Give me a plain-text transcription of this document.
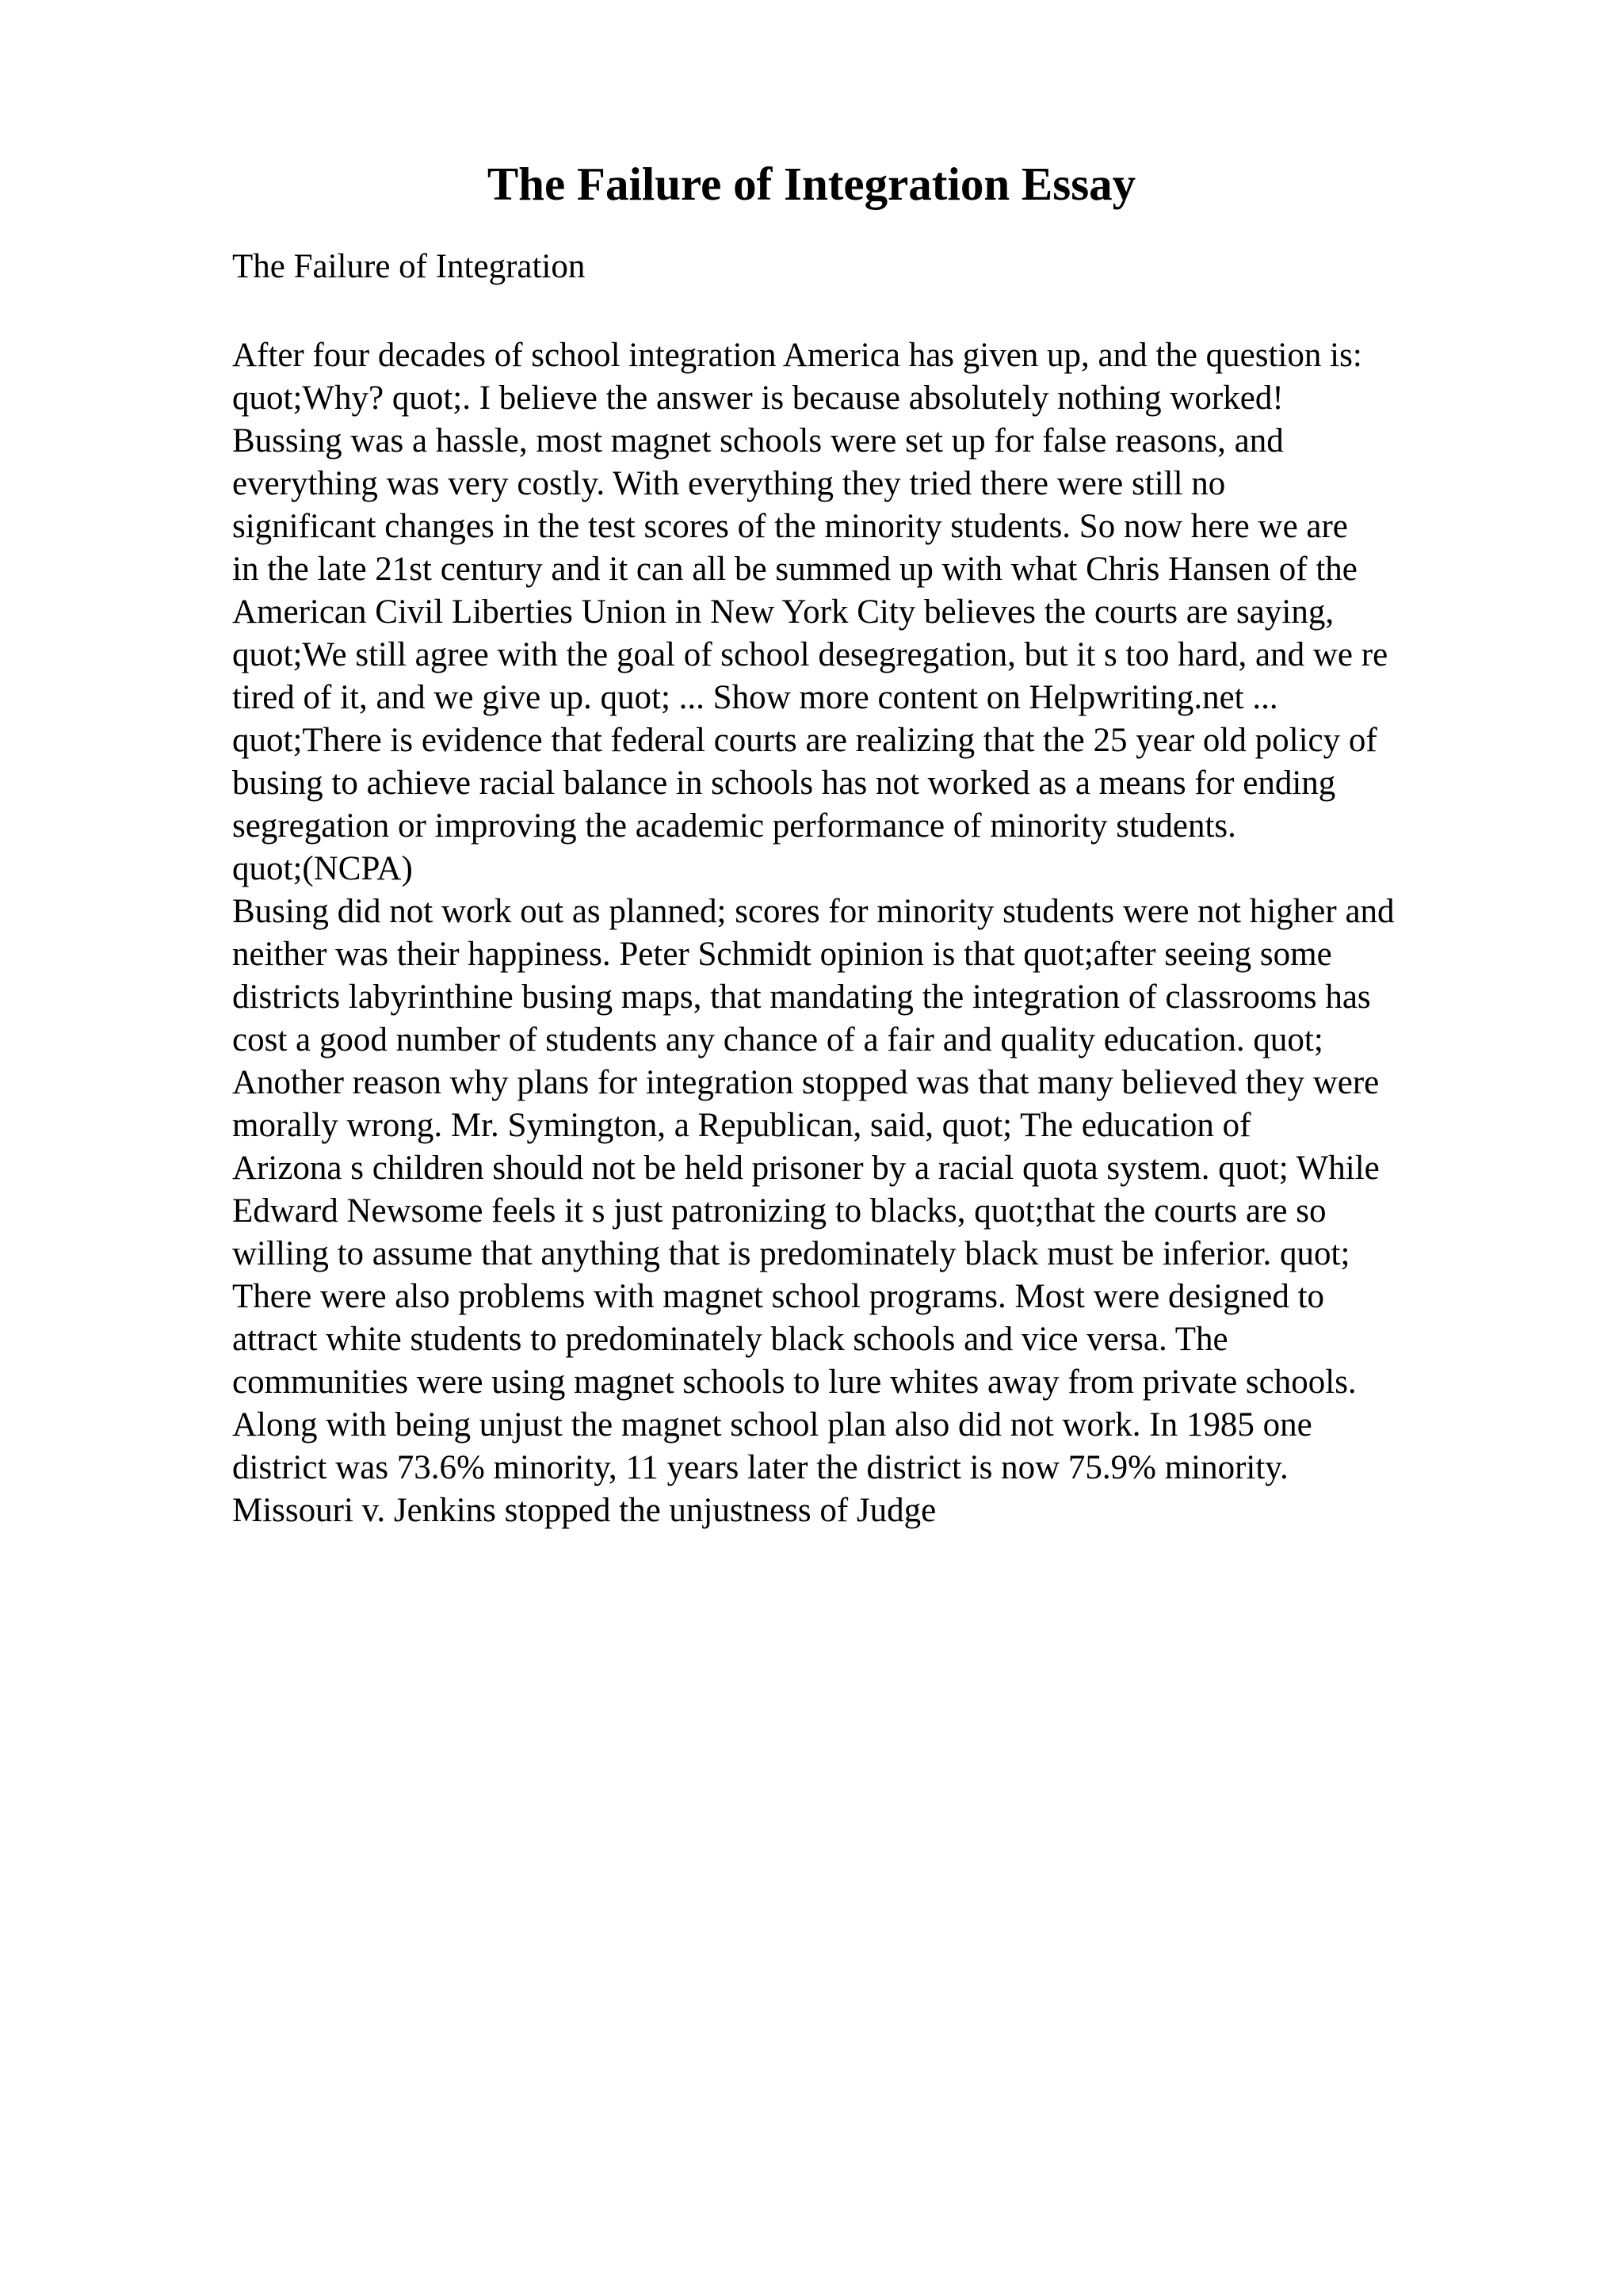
The Failure of Integration Essay

The Failure of Integration

After four decades of school integration America has given up, and the question is:
quot;Why? quot;. I believe the answer is because absolutely nothing worked!
Bussing was a hassle, most magnet schools were set up for false reasons, and
everything was very costly. With everything they tried there were still no
significant changes in the test scores of the minority students. So now here we are
in the late 21st century and it can all be summed up with what Chris Hansen of the
American Civil Liberties Union in New York City believes the courts are saying,
quot;We still agree with the goal of school desegregation, but it s too hard, and we re
tired of it, and we give up. quot; ... Show more content on Helpwriting.net ...
quot;There is evidence that federal courts are realizing that the 25 year old policy of
busing to achieve racial balance in schools has not worked as a means for ending
segregation or improving the academic performance of minority students.
quot;(NCPA)
Busing did not work out as planned; scores for minority students were not higher and
neither was their happiness. Peter Schmidt opinion is that quot;after seeing some
districts labyrinthine busing maps, that mandating the integration of classrooms has
cost a good number of students any chance of a fair and quality education. quot;
Another reason why plans for integration stopped was that many believed they were
morally wrong. Mr. Symington, a Republican, said, quot; The education of
Arizona s children should not be held prisoner by a racial quota system. quot; While
Edward Newsome feels it s just patronizing to blacks, quot;that the courts are so
willing to assume that anything that is predominately black must be inferior. quot;
There were also problems with magnet school programs. Most were designed to
attract white students to predominately black schools and vice versa. The
communities were using magnet schools to lure whites away from private schools.
Along with being unjust the magnet school plan also did not work. In 1985 one
district was 73.6% minority, 11 years later the district is now 75.9% minority.
Missouri v. Jenkins stopped the unjustness of Judge
